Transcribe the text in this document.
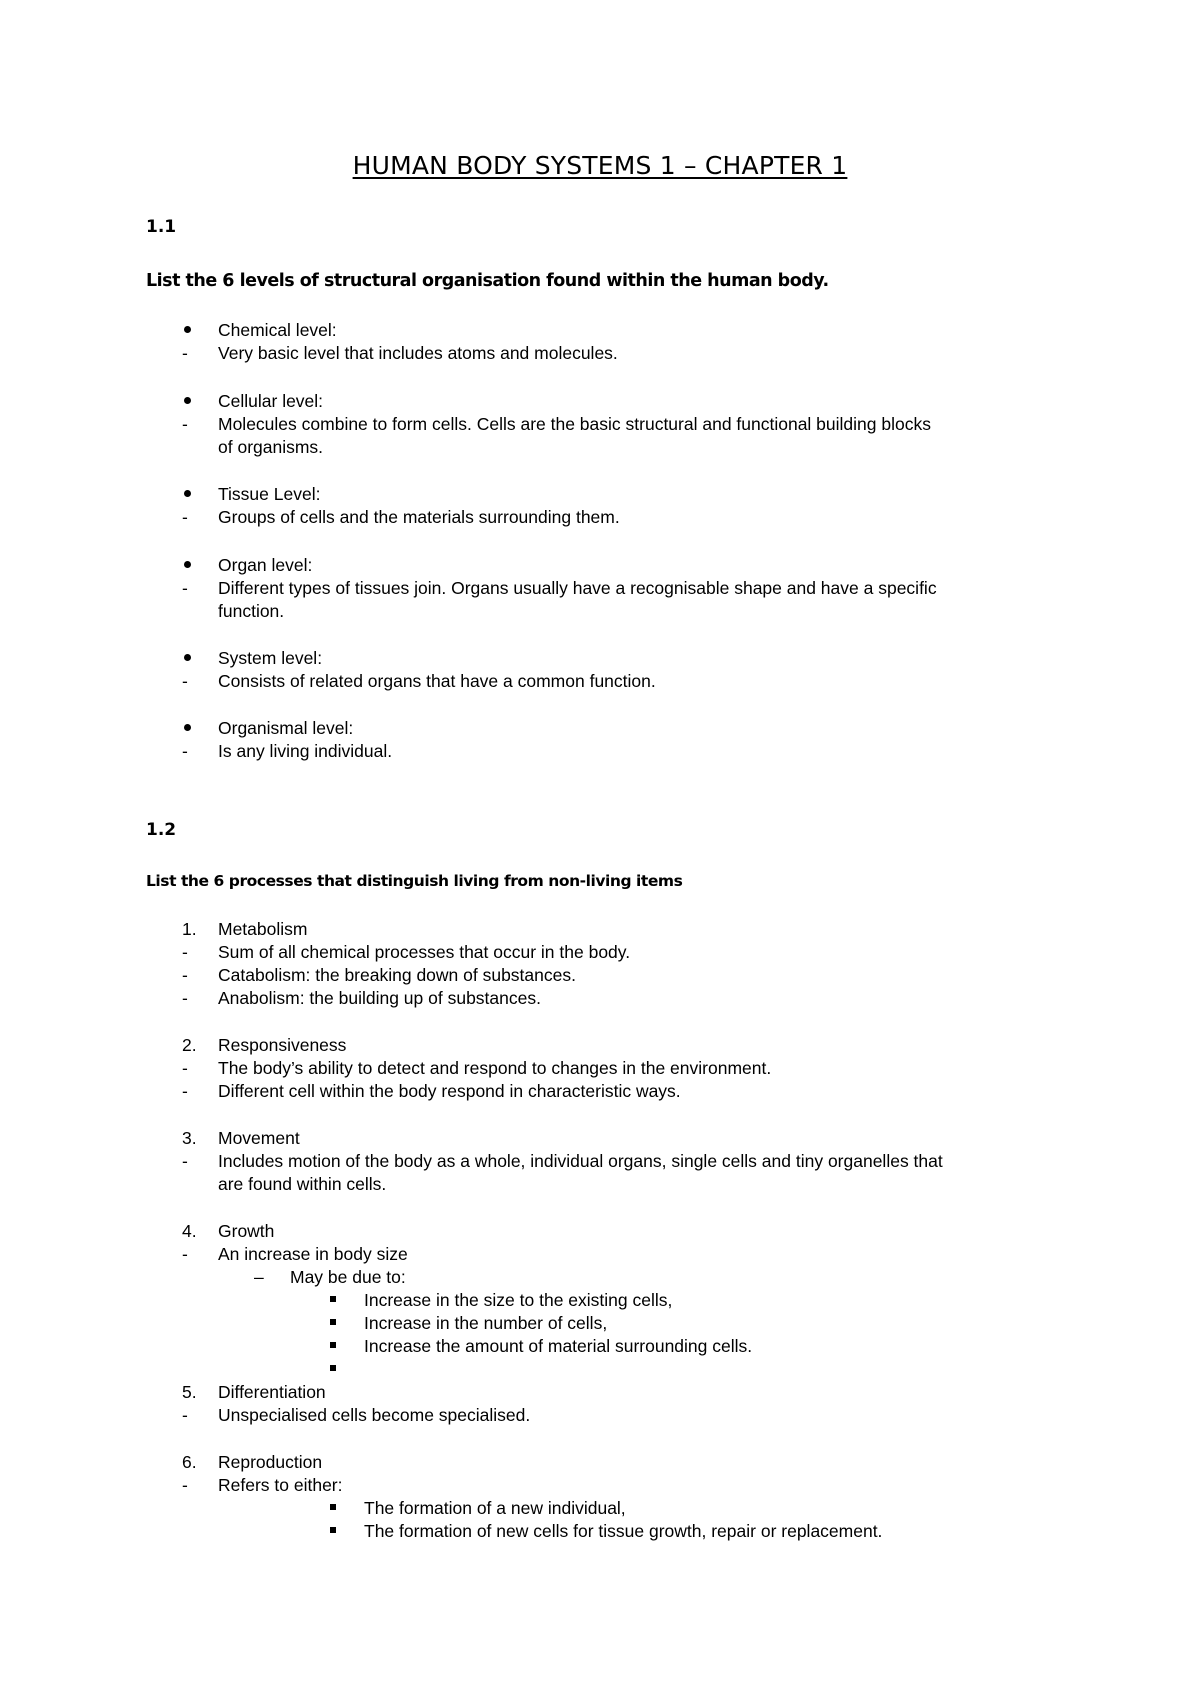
HUMAN BODY SYSTEMS 1 – CHAPTER 1
1.1
List the 6 levels of structural organisation found within the human body.
Chemical level:
- Very basic level that includes atoms and molecules.
Cellular level:
- Molecules combine to form cells. Cells are the basic structural and functional building blocks
of organisms.
Tissue Level:
- Groups of cells and the materials surrounding them.
Organ level:
- Different types of tissues join. Organs usually have a recognisable shape and have a specific
function.
System level:
- Consists of related organs that have a common function.
Organismal level:
- Is any living individual.
1.2
List the 6 processes that distinguish living from non-living items
1. Metabolism
- Sum of all chemical processes that occur in the body.
- Catabolism: the breaking down of substances.
- Anabolism: the building up of substances.
2. Responsiveness
- The body’s ability to detect and respond to changes in the environment.
- Different cell within the body respond in characteristic ways.
3. Movement
- Includes motion of the body as a whole, individual organs, single cells and tiny organelles that
are found within cells.
4. Growth
- An increase in body size
– May be due to:
Increase in the size to the existing cells,
Increase in the number of cells,
Increase the amount of material surrounding cells.
5. Differentiation
- Unspecialised cells become specialised.
6. Reproduction
- Refers to either:
The formation of a new individual,
The formation of new cells for tissue growth, repair or replacement.
